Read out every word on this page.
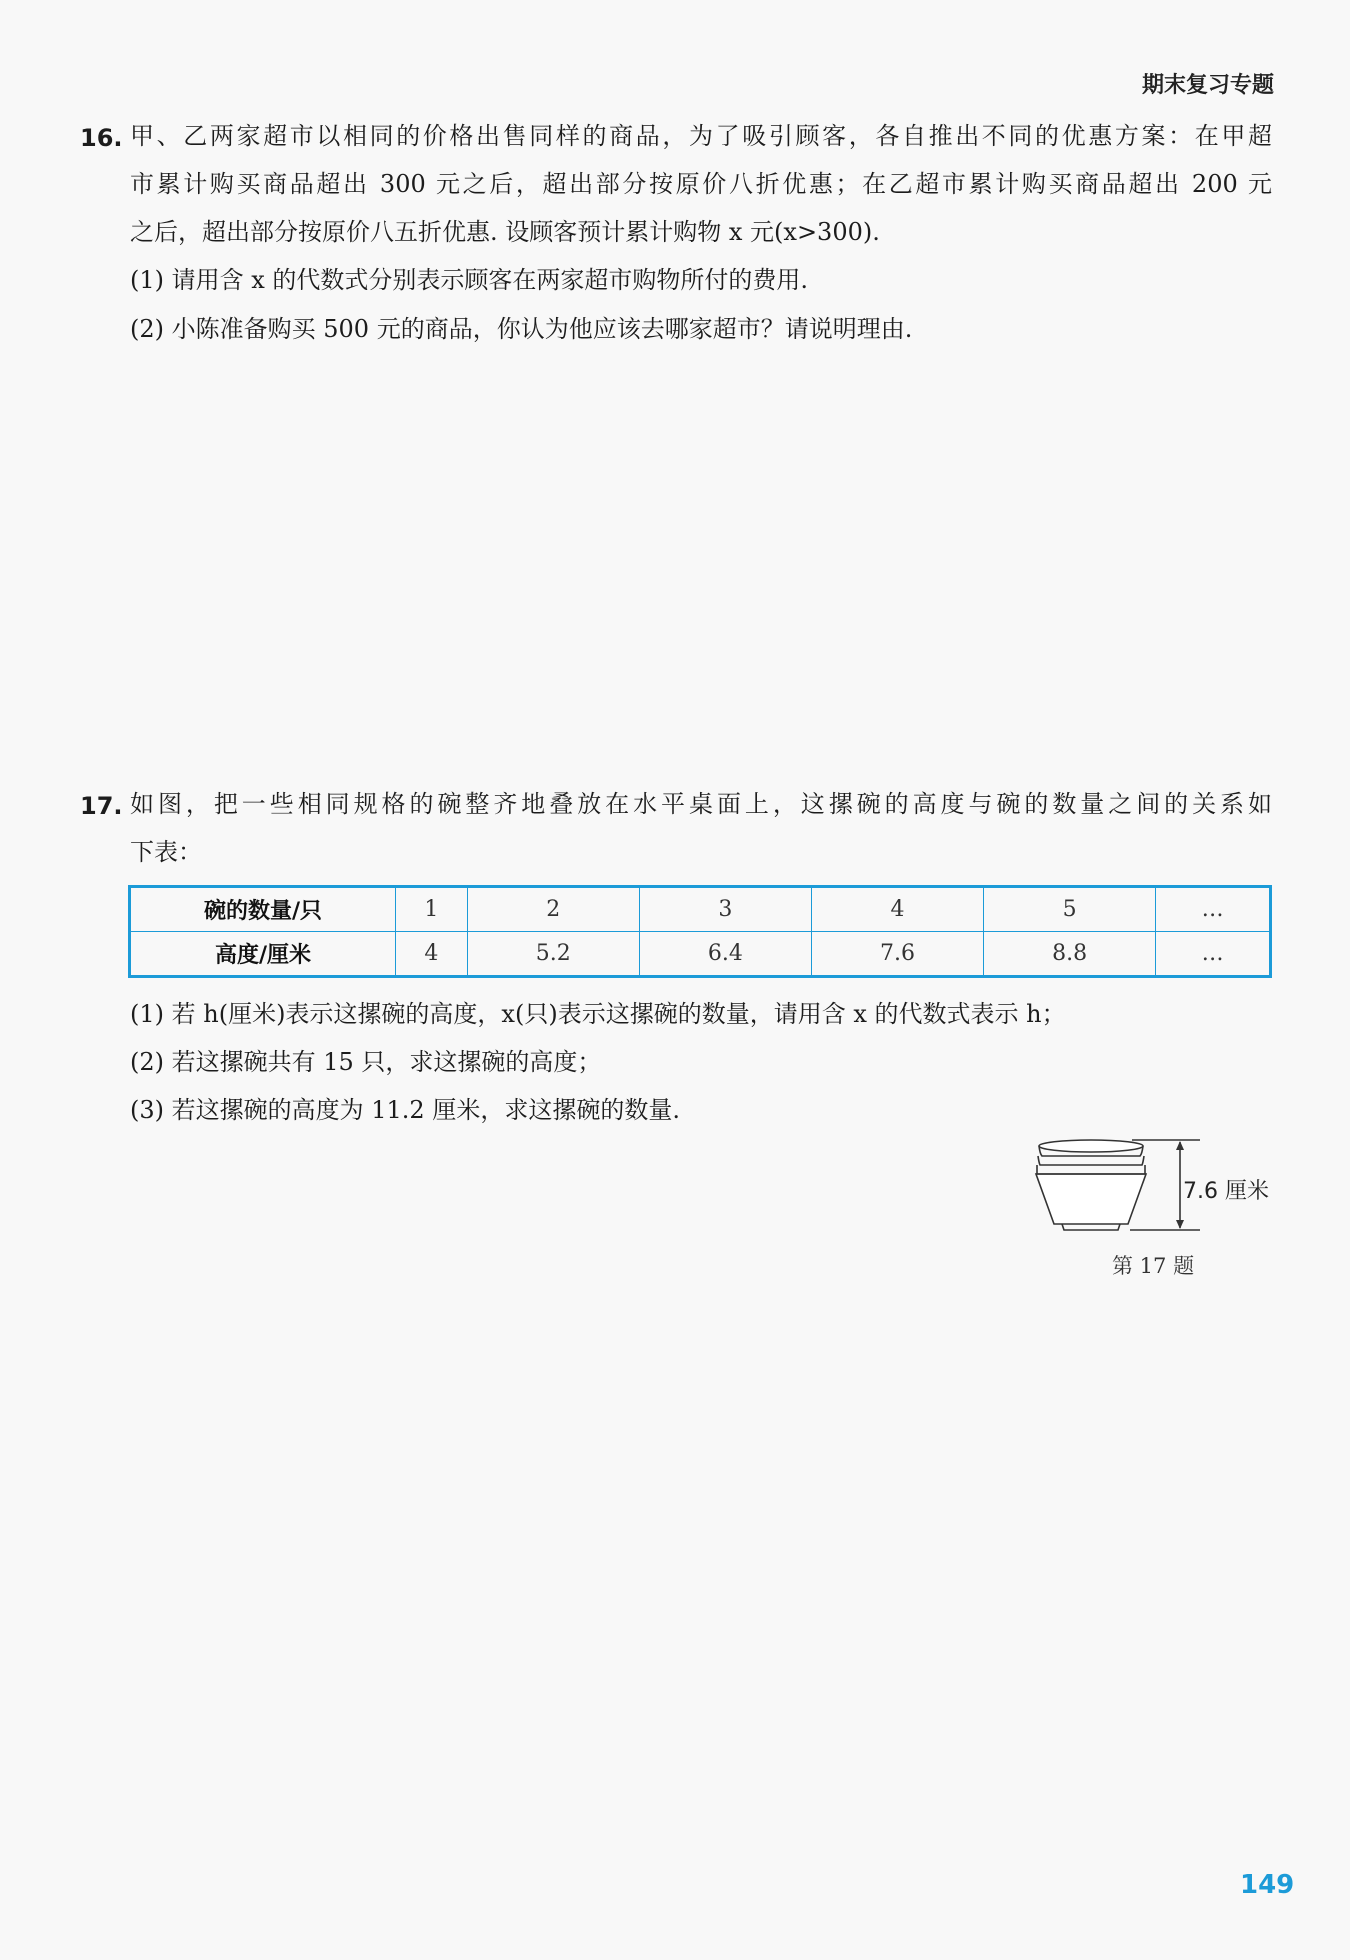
期末复习专题
16. 甲、乙两家超市以相同的价格出售同样的商品，为了吸引顾客，各自推出不同的优惠方案：在甲超
市累计购买商品超出 300 元之后，超出部分按原价八折优惠；在乙超市累计购买商品超出 200 元
之后，超出部分按原价八五折优惠. 设顾客预计累计购物 x 元(x>300).
(1) 请用含 x 的代数式分别表示顾客在两家超市购物所付的费用.
(2) 小陈准备购买 500 元的商品，你认为他应该去哪家超市？请说明理由.
17. 如图，把一些相同规格的碗整齐地叠放在水平桌面上，这摞碗的高度与碗的数量之间的关系如
下表：
碗的数量/只	1	2	3	4	5	…
高度/厘米	4	5.2	6.4	7.6	8.8	…
(1) 若 h(厘米)表示这摞碗的高度，x(只)表示这摞碗的数量，请用含 x 的代数式表示 h；
(2) 若这摞碗共有 15 只，求这摞碗的高度；
(3) 若这摞碗的高度为 11.2 厘米，求这摞碗的数量.
7.6 厘米
第 17 题
149
